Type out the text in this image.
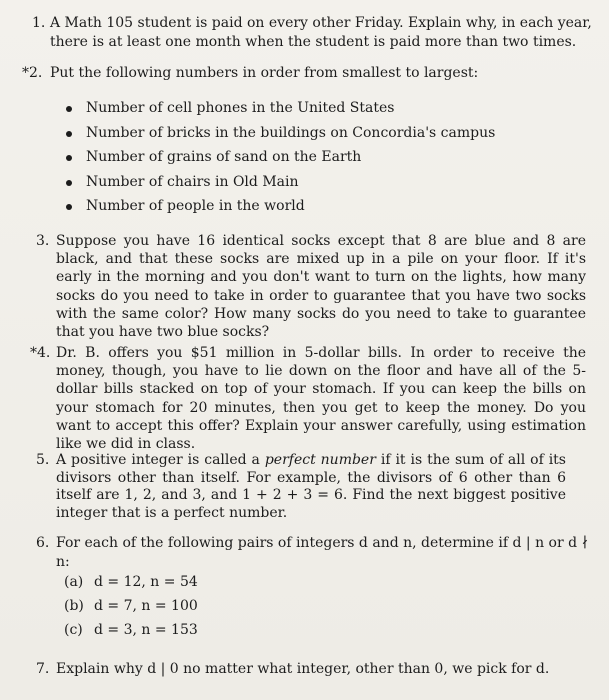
1. A Math 105 student is paid on every other Friday. Explain why, in each year, there is at least one month when the student is paid more than two times.
*2. Put the following numbers in order from smallest to largest:
Number of cell phones in the United States
Number of bricks in the buildings on Concordia's campus
Number of grains of sand on the Earth
Number of chairs in Old Main
Number of people in the world
3. Suppose you have 16 identical socks except that 8 are blue and 8 are black, and that these socks are mixed up in a pile on your floor. If it's early in the morning and you don't want to turn on the lights, how many socks do you need to take in order to guarantee that you have two socks with the same color? How many socks do you need to take to guarantee that you have two blue socks?
*4. Dr. B. offers you $51 million in 5-dollar bills. In order to receive the money, though, you have to lie down on the floor and have all of the 5-dollar bills stacked on top of your stomach. If you can keep the bills on your stomach for 20 minutes, then you get to keep the money. Do you want to accept this offer? Explain your answer carefully, using estimation like we did in class.
5. A positive integer is called a perfect number if it is the sum of all of its divisors other than itself. For example, the divisors of 6 other than 6 itself are 1, 2, and 3, and 1 + 2 + 3 = 6. Find the next biggest positive integer that is a perfect number.
6. For each of the following pairs of integers d and n, determine if d | n or d ∤ n:
(a) d = 12, n = 54
(b) d = 7, n = 100
(c) d = 3, n = 153
7. Explain why d | 0 no matter what integer, other than 0, we pick for d.
